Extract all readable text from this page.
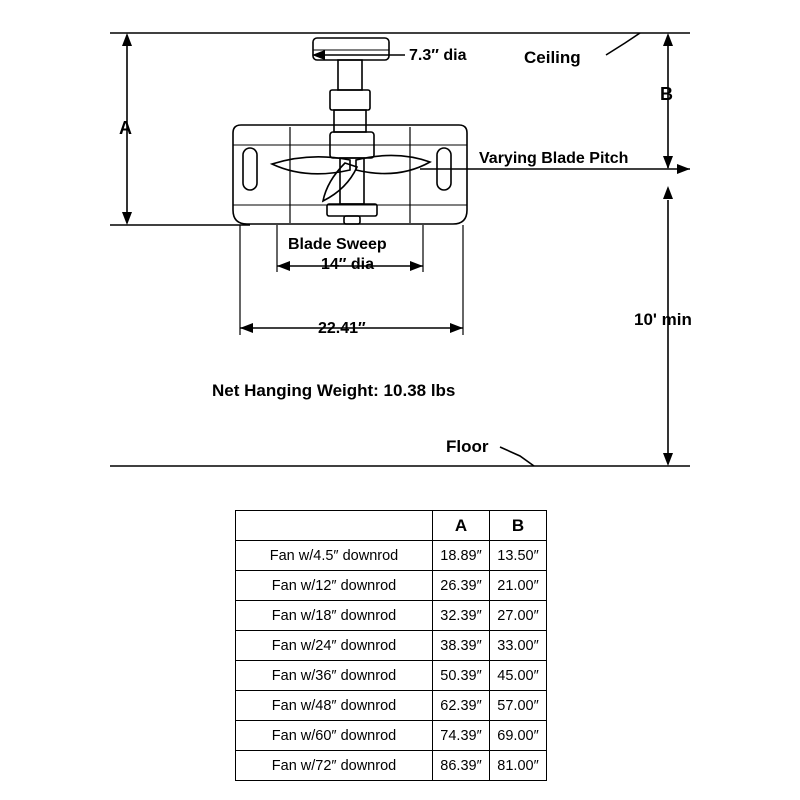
7.3″ dia	Ceiling
B
A
Varying Blade Pitch
Blade Sweep
14″ dia
22.41″	10' min
Net Hanging Weight: 10.38 lbs
Floor
	A	B
Fan w/4.5″ downrod	18.89″	13.50″
Fan w/12″ downrod	26.39″	21.00″
Fan w/18″ downrod	32.39″	27.00″
Fan w/24″ downrod	38.39″	33.00″
Fan w/36″ downrod	50.39″	45.00″
Fan w/48″ downrod	62.39″	57.00″
Fan w/60″ downrod	74.39″	69.00″
Fan w/72″ downrod	86.39″	81.00″
